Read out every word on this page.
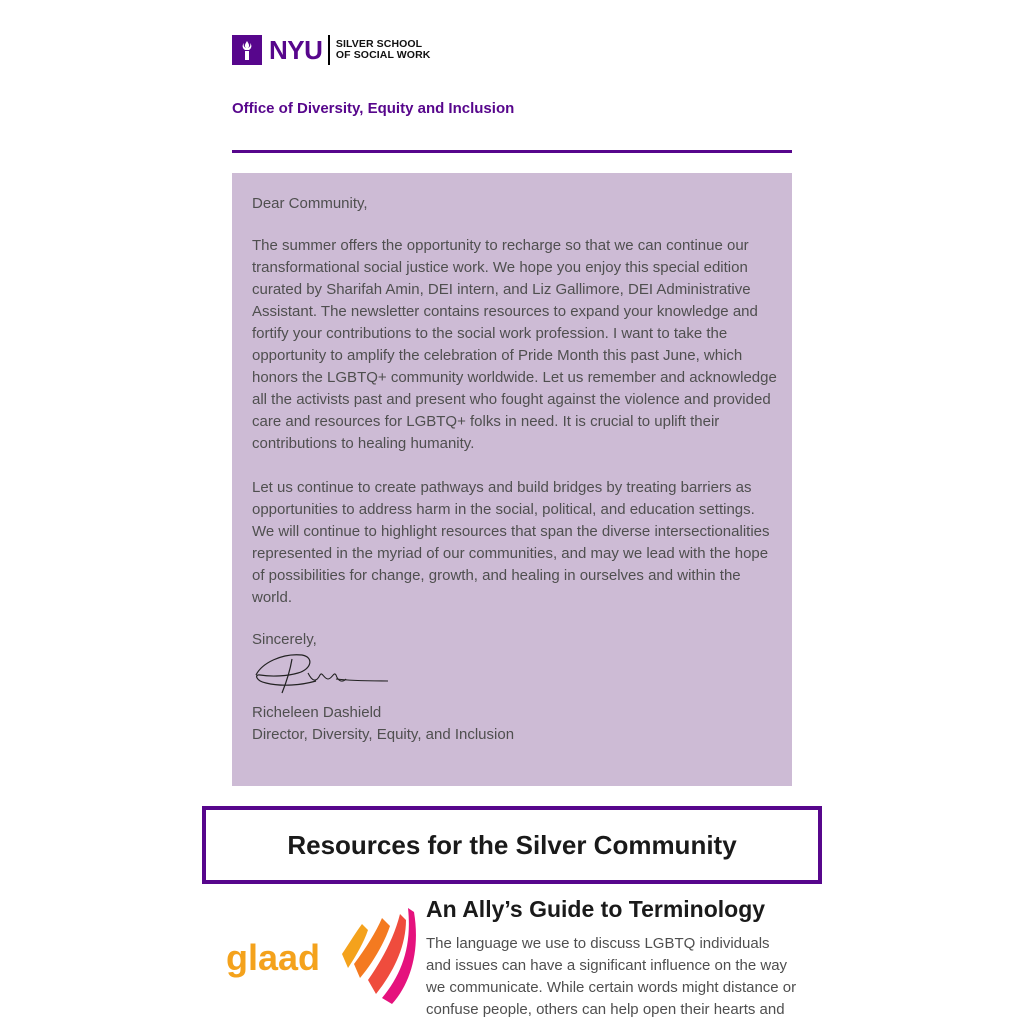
NYU SILVER SCHOOL
OF SOCIAL WORK
Office of Diversity, Equity and Inclusion

Dear Community,

The summer offers the opportunity to recharge so that we can continue our transformational social justice work. We hope you enjoy this special edition curated by Sharifah Amin, DEI intern, and Liz Gallimore, DEI Administrative Assistant. The newsletter contains resources to expand your knowledge and fortify your contributions to the social work profession. I want to take the opportunity to amplify the celebration of Pride Month this past June, which honors the LGBTQ+ community worldwide. Let us remember and acknowledge all the activists past and present who fought against the violence and provided care and resources for LGBTQ+ folks in need. It is crucial to uplift their contributions to healing humanity.

Let us continue to create pathways and build bridges by treating barriers as opportunities to address harm in the social, political, and education settings. We will continue to highlight resources that span the diverse intersectionalities represented in the myriad of our communities, and may we lead with the hope of possibilities for change, growth, and healing in ourselves and within the world.

Sincerely,

Richeleen Dashield
Director, Diversity, Equity, and Inclusion
Resources for the Silver Community
glaad
An Ally’s Guide to Terminology
The language we use to discuss LGBTQ individuals and issues can have a significant influence on the way we communicate. While certain words might distance or confuse people, others can help open their hearts and
